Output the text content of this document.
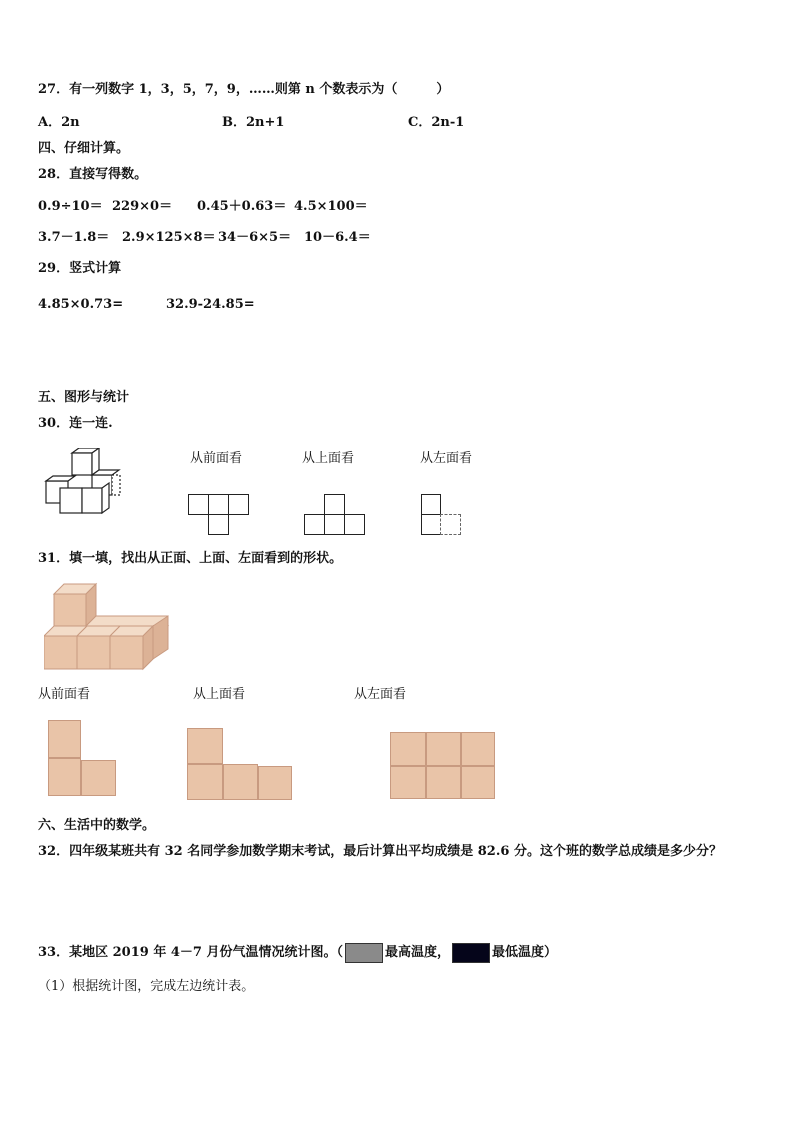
27．有一列数字 1，3，5，7，9，……则第 n 个数表示为（　　　）
A．2n	B．2n+1	C．2n-1
四、仔细计算。
28．直接写得数。
0.9÷10＝ 229×0＝ 0.45＋0.63＝ 4.5×100＝
3.7－1.8＝ 2.9×125×8＝ 34－6×5＝ 10－6.4＝
29．竖式计算
4.85×0.73=	32.9-24.85=
五、图形与统计
30．连一连.
从前面看	从上面看	从左面看
31．填一填，找出从正面、上面、左面看到的形状。
从前面看	从上面看	从左面看
六、生活中的数学。
32．四年级某班共有 32 名同学参加数学期末考试，最后计算出平均成绩是 82.6 分。这个班的数学总成绩是多少分？
33．某地区 2019 年 4－7 月份气温情况统计图。（	最高温度，	最低温度）
（1）根据统计图，完成左边统计表。
